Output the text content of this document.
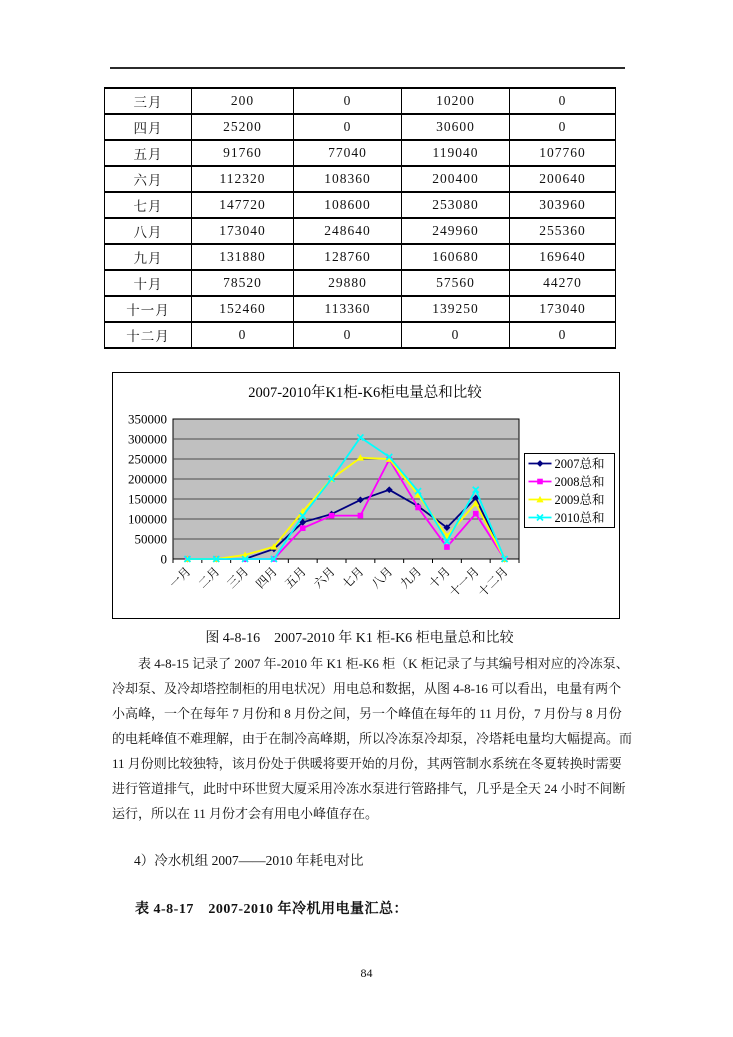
三月	200	0	10200	0
四月	25200	0	30600	0
五月	91760	77040	119040	107760
六月	112320	108360	200400	200640
七月	147720	108600	253080	303960
八月	173040	248640	249960	255360
九月	131880	128760	160680	169640
十月	78520	29880	57560	44270
十一月	152460	113360	139250	173040
十二月	0	0	0	0
2007-2010年K1柜-K6柜电量总和比较
0
50000
100000
150000
200000
250000
300000
350000
一月 二月 三月 四月 五月 六月 七月 八月 九月 十月
十一月
十二月
2007总和
2008总和
2009总和
2010总和
图 4-8-16　2007-2010 年 K1 柜-K6 柜电量总和比较
表 4-8-15 记录了 2007 年-2010 年 K1 柜-K6 柜（K 柜记录了与其编号相对应的冷冻泵、
冷却泵、及冷却塔控制柜的用电状况）用电总和数据，从图 4-8-16 可以看出，电量有两个
小高峰，一个在每年 7 月份和 8 月份之间，另一个峰值在每年的 11 月份，7 月份与 8 月份
的电耗峰值不难理解，由于在制冷高峰期，所以冷冻泵冷却泵，冷塔耗电量均大幅提高。而
11 月份则比较独特，该月份处于供暖将要开始的月份，其两管制水系统在冬夏转换时需要
进行管道排气，此时中环世贸大厦采用冷冻水泵进行管路排气，几乎是全天 24 小时不间断
运行，所以在 11 月份才会有用电小峰值存在。
4）冷水机组 2007——2010 年耗电对比
表 4-8-17　2007-2010 年冷机用电量汇总：
84
